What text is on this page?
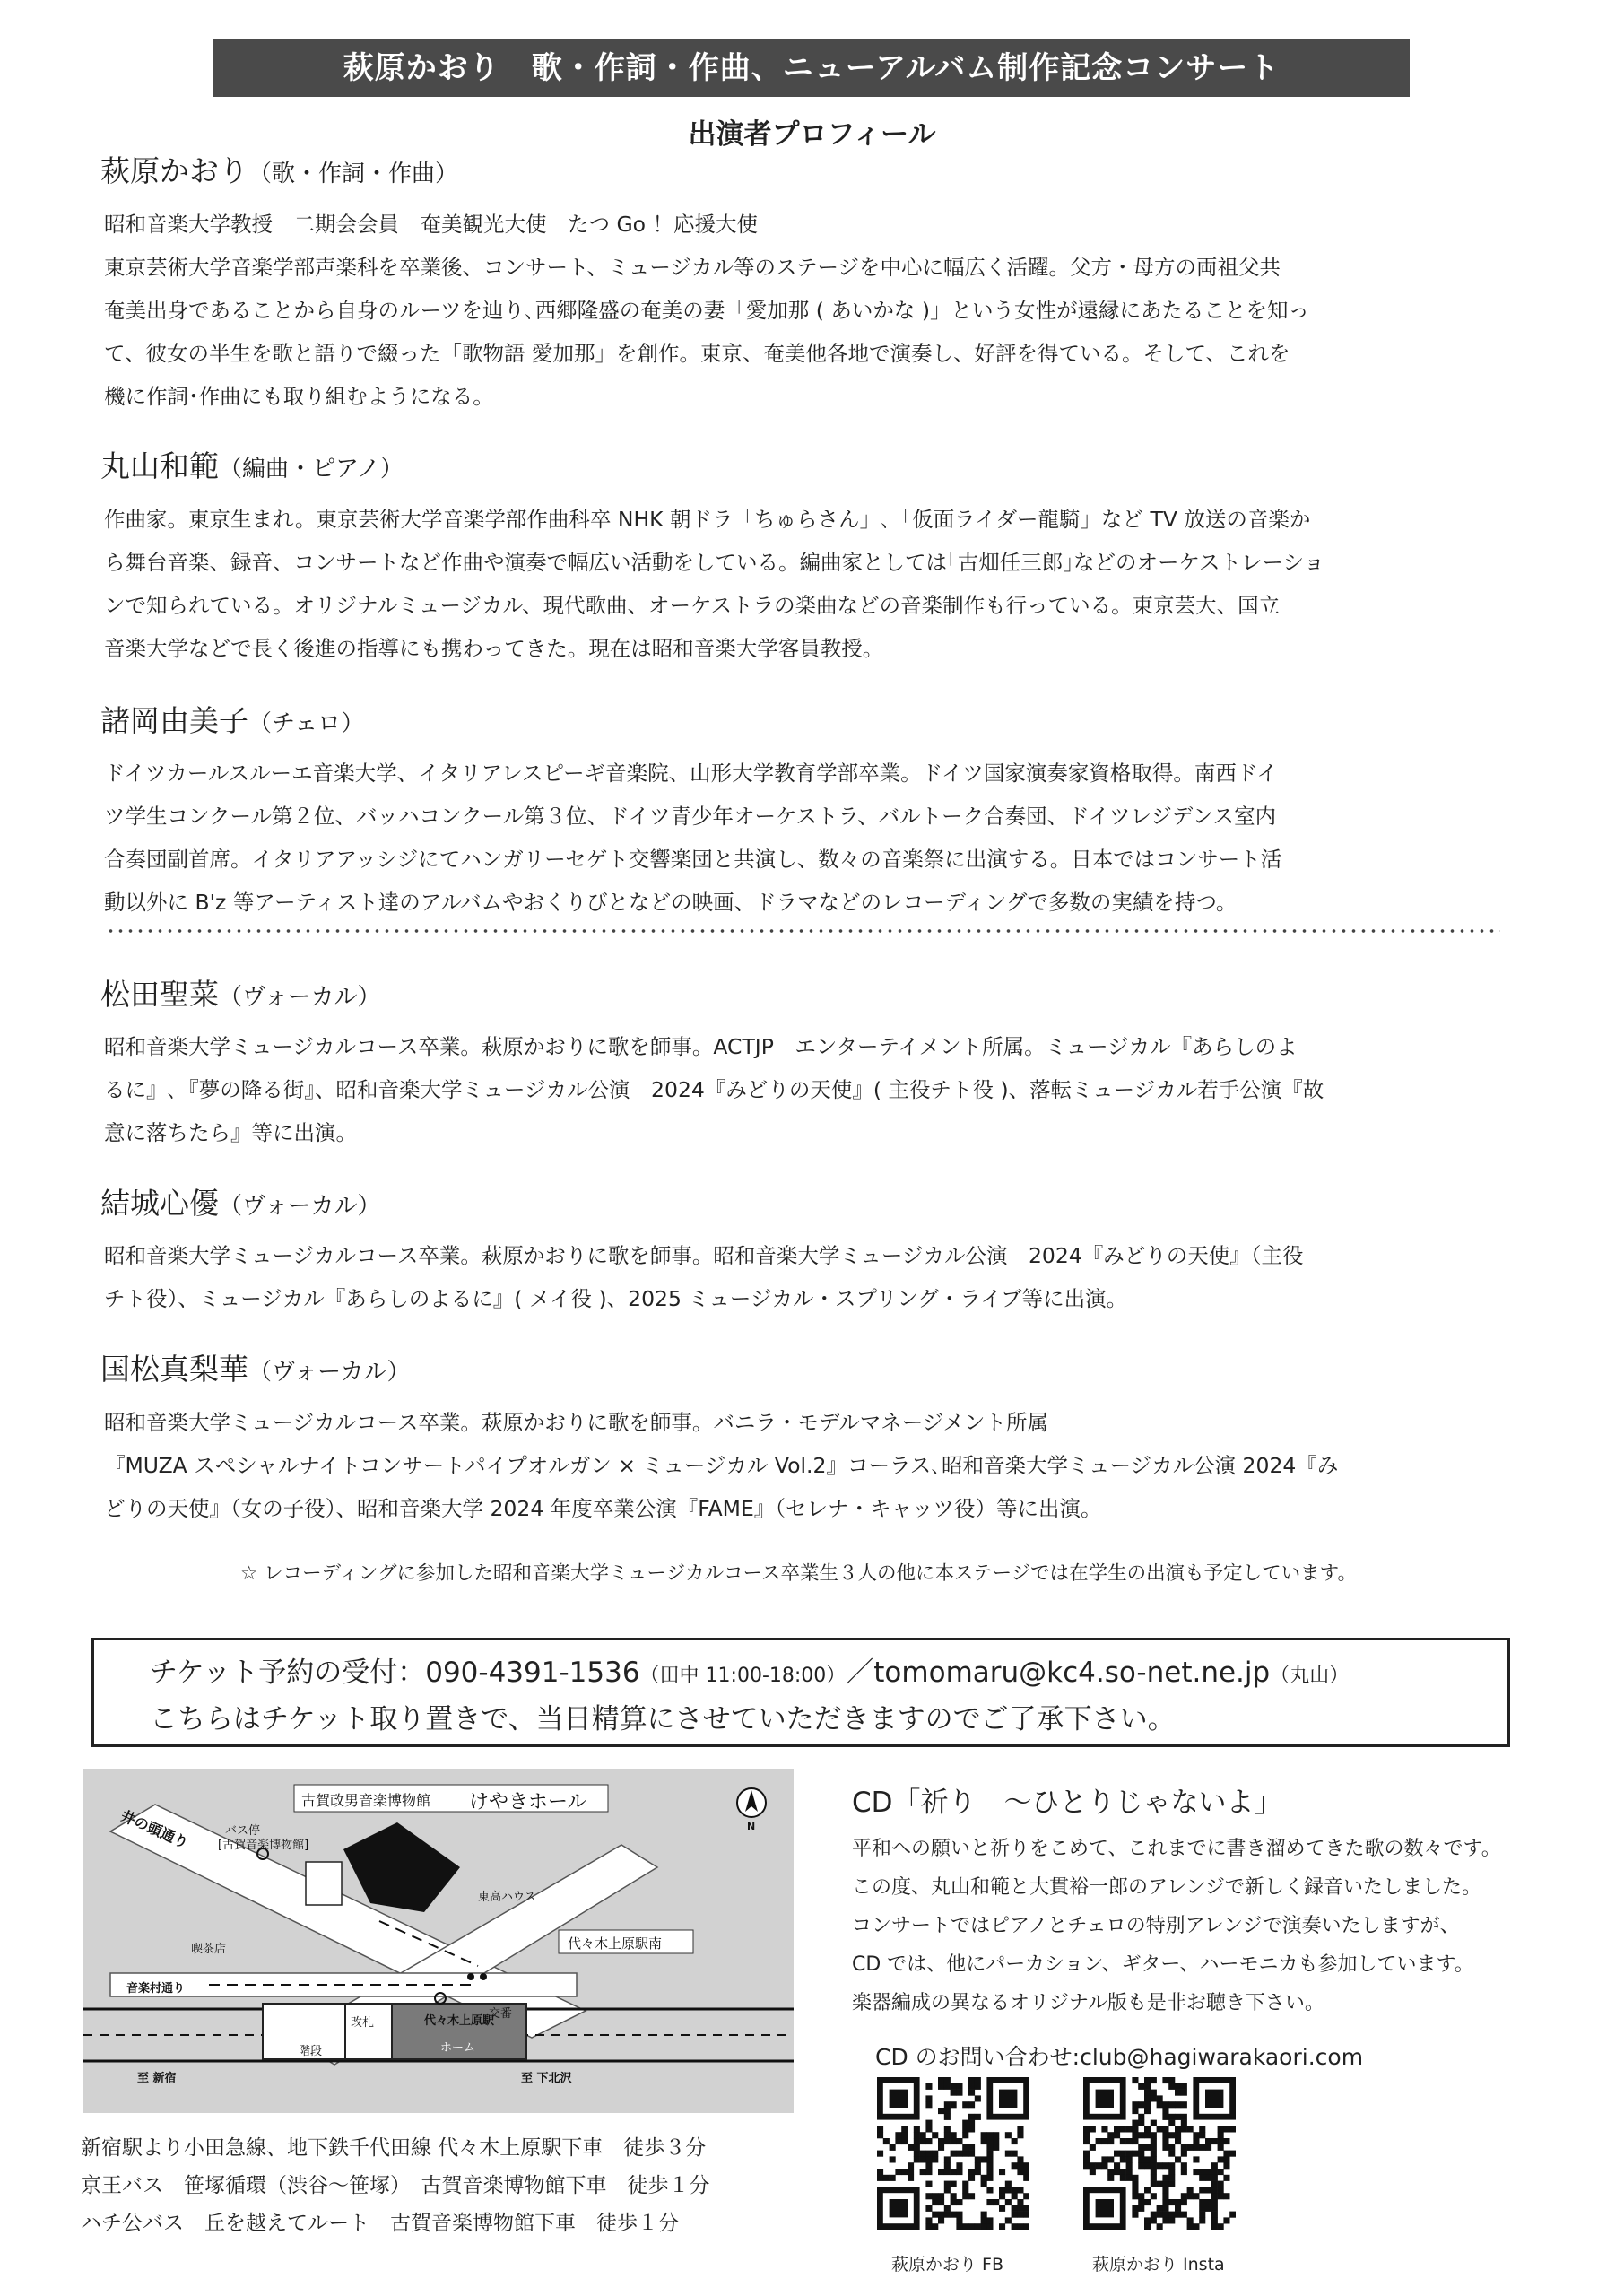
萩原かおり　歌・作詞・作曲、ニューアルバム制作記念コンサート
出演者プロフィール
萩原かおり（歌・作詞・作曲）
昭和音楽大学教授　二期会会員　奄美観光大使　たつ Go ！応援大使
東京芸術大学音楽学部声楽科を卒業後、コンサート、ミュージカル等のステージを中心に幅広く活躍。父方・母方の両祖父共
奄美出身であることから自身のルーツを辿り､西郷隆盛の奄美の妻「愛加那 ( あいかな )」という女性が遠縁にあたることを知っ
て、彼女の半生を歌と語りで綴った「歌物語 愛加那」を創作。東京、奄美他各地で演奏し、好評を得ている。そして、これを
機に作詞･作曲にも取り組むようになる。
丸山和範（編曲・ピアノ）
作曲家。東京生まれ。東京芸術大学音楽学部作曲科卒 NHK 朝ドラ「ちゅらさん」､「仮面ライダー龍騎」など TV 放送の音楽か
ら舞台音楽、録音、コンサートなど作曲や演奏で幅広い活動をしている。編曲家としては｢古畑任三郎｣などのオーケストレーショ
ンで知られている。オリジナルミュージカル、現代歌曲、オーケストラの楽曲などの音楽制作も行っている。東京芸大、国立
音楽大学などで長く後進の指導にも携わってきた。現在は昭和音楽大学客員教授。
諸岡由美子（チェロ）
ドイツカールスルーエ音楽大学、イタリアレスピーギ音楽院、山形大学教育学部卒業。ドイツ国家演奏家資格取得。南西ドイ
ツ学生コンクール第２位、バッハコンクール第３位、ドイツ青少年オーケストラ、バルトーク合奏団、ドイツレジデンス室内
合奏団副首席。イタリアアッシジにてハンガリーセゲト交響楽団と共演し、数々の音楽祭に出演する。日本ではコンサート活
動以外に B'z 等アーティスト達のアルバムやおくりびとなどの映画、ドラマなどのレコーディングで多数の実績を持つ。
松田聖菜（ヴォーカル）
昭和音楽大学ミュージカルコース卒業。萩原かおりに歌を師事。ACTJP　エンターテイメント所属。ミュージカル『あらしのよ
るに』､『夢の降る街』、昭和音楽大学ミュージカル公演　2024『みどりの天使』( 主役チト役 )、落転ミュージカル若手公演『故
意に落ちたら』等に出演。
結城心優（ヴォーカル）
昭和音楽大学ミュージカルコース卒業。萩原かおりに歌を師事。昭和音楽大学ミュージカル公演　2024『みどりの天使』（主役
チト役）、ミュージカル『あらしのよるに』( メイ役 )、2025 ミュージカル・スプリング・ライブ等に出演。
国松真梨華（ヴォーカル）
昭和音楽大学ミュージカルコース卒業。萩原かおりに歌を師事。バニラ・モデルマネージメント所属
『MUZA スペシャルナイトコンサートパイプオルガン × ミュージカル Vol.2』コーラス､昭和音楽大学ミュージカル公演 2024『み
どりの天使』（女の子役）、昭和音楽大学 2024 年度卒業公演『FAME』（セレナ・キャッツ役）等に出演。
☆ レコーディングに参加した昭和音楽大学ミュージカルコース卒業生３人の他に本ステージでは在学生の出演も予定しています。
チケット予約の受付：090-4391-1536（田中 11:00-18:00）／tomomaru@kc4.so-net.ne.jp（丸山）
こちらはチケット取り置きで、当日精算にさせていただきますのでご了承下さい。
古賀政男音楽博物館 けやきホール
井の頭通り	バス停
[古賀音楽博物館]
東高ハウス
代々木上原駅南
喫茶店
音楽村通り
改札
階段
代々木上原駅
ホーム
交番
至 新宿	至 下北沢
N
新宿駅より小田急線、地下鉄千代田線 代々木上原駅下車　徒歩３分
京王バス　笹塚循環（渋谷～笹塚）　古賀音楽博物館下車　徒歩１分
ハチ公バス　丘を越えてルート　古賀音楽博物館下車　徒歩１分
CD「祈り　～ひとりじゃないよ」
平和への願いと祈りをこめて、これまでに書き溜めてきた歌の数々です。
この度、丸山和範と大貫裕一郎のアレンジで新しく録音いたしました。
コンサートではピアノとチェロの特別アレンジで演奏いたしますが、
CD では、他にパーカション、ギター、ハーモニカも参加しています。
楽器編成の異なるオリジナル版も是非お聴き下さい。
CD のお問い合わせ:club@hagiwarakaori.com
萩原かおり FB	萩原かおり Insta
